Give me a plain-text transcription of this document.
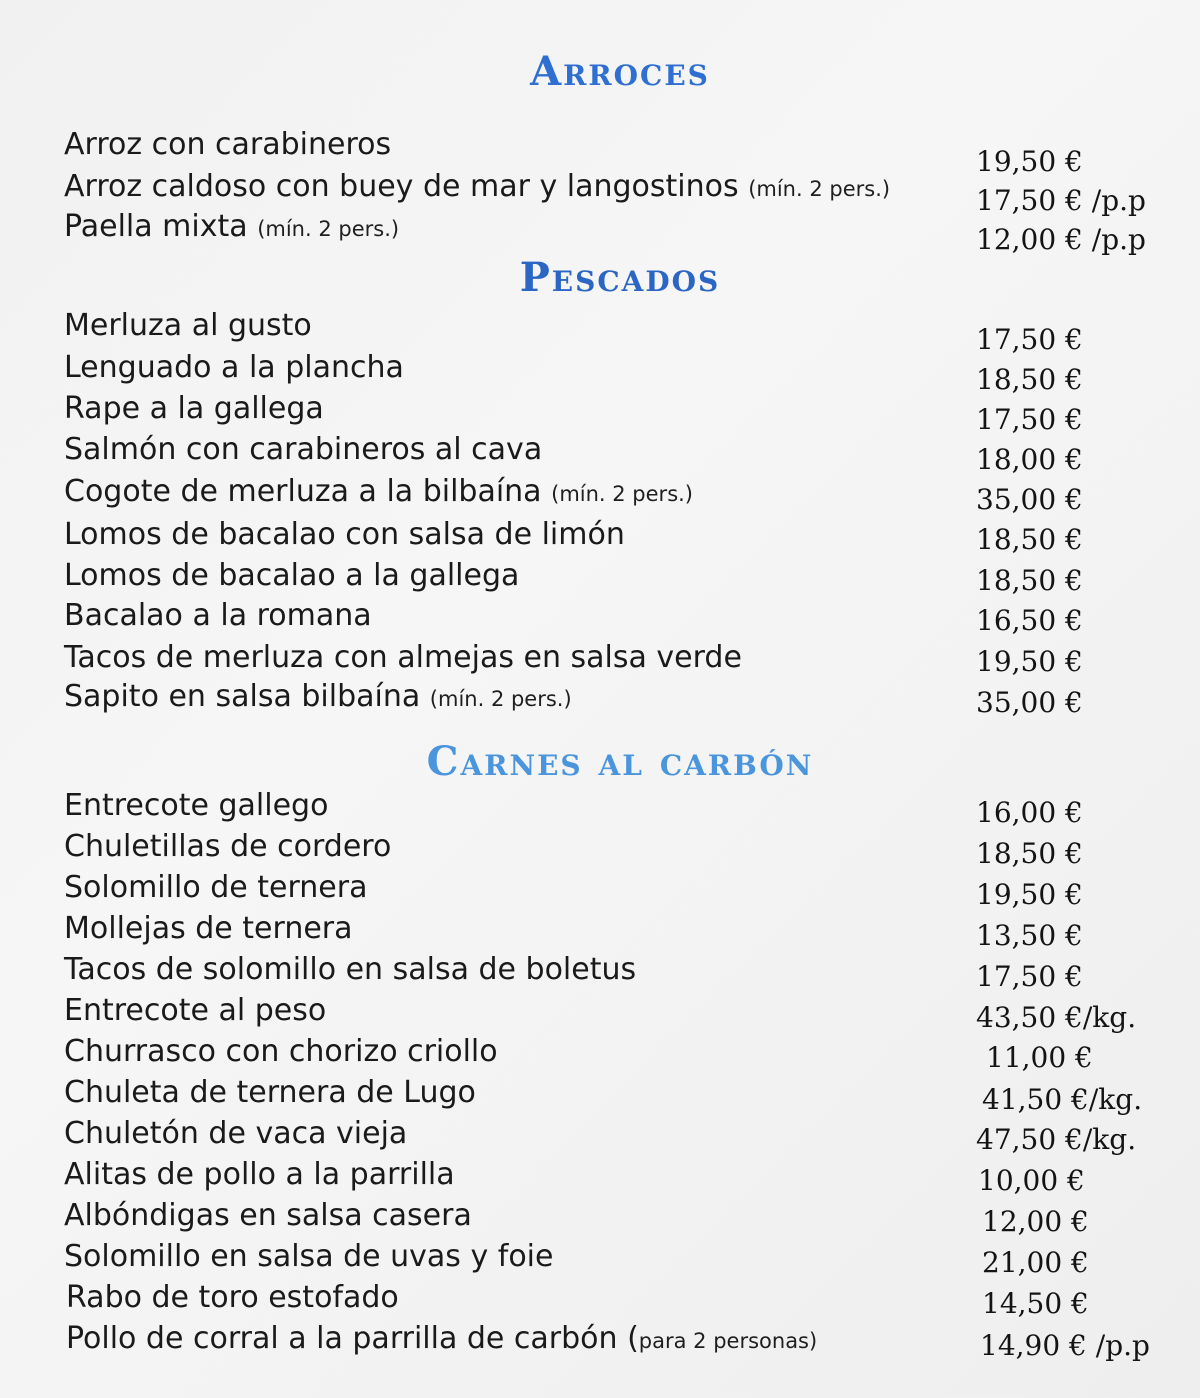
Arroces
Arroz con carabineros	19,50 €
Arroz caldoso con buey de mar y langostinos (mín. 2 pers.)	17,50 € /p.p
Paella mixta (mín. 2 pers.)	12,00 € /p.p
Pescados
Merluza al gusto	17,50 €
Lenguado a la plancha	18,50 €
Rape a la gallega	17,50 €
Salmón con carabineros al cava	18,00 €
Cogote de merluza a la bilbaína (mín. 2 pers.)	35,00 €
Lomos de bacalao con salsa de limón	18,50 €
Lomos de bacalao a la gallega	18,50 €
Bacalao a la romana	16,50 €
Tacos de merluza con almejas en salsa verde	19,50 €
Sapito en salsa bilbaína (mín. 2 pers.)	35,00 €
Carnes al carbón
Entrecote gallego	16,00 €
Chuletillas de cordero	18,50 €
Solomillo de ternera	19,50 €
Mollejas de ternera	13,50 €
Tacos de solomillo en salsa de boletus	17,50 €
Entrecote al peso	43,50 €/kg.
Churrasco con chorizo criollo	11,00 €
Chuleta de ternera de Lugo	41,50 €/kg.
Chuletón de vaca vieja	47,50 €/kg.
Alitas de pollo a la parrilla	10,00 €
Albóndigas en salsa casera	12,00 €
Solomillo en salsa de uvas y foie	21,00 €
Rabo de toro estofado	14,50 €
Pollo de corral a la parrilla de carbón (para 2 personas)	14,90 € /p.p
